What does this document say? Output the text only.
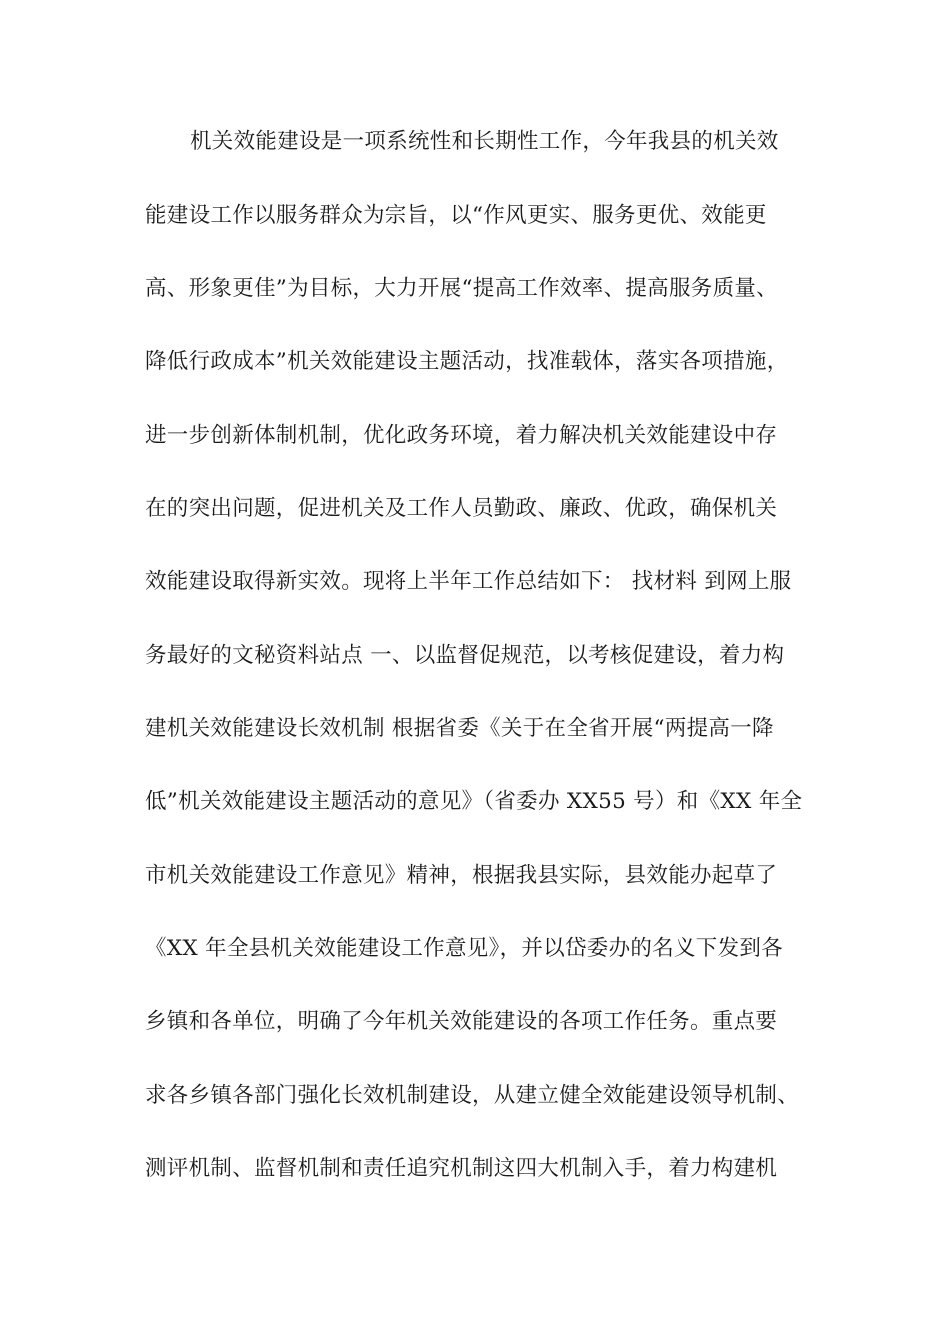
机关效能建设是一项系统性和长期性工作，今年我县的机关效
能建设工作以服务群众为宗旨，以“作风更实、服务更优、效能更
高、形象更佳”为目标，大力开展“提高工作效率、提高服务质量、
降低行政成本”机关效能建设主题活动，找准载体，落实各项措施，
进一步创新体制机制，优化政务环境，着力解决机关效能建设中存
在的突出问题，促进机关及工作人员勤政、廉政、优政，确保机关
效能建设取得新实效。现将上半年工作总结如下： 找材料 到网上服
务最好的文秘资料站点 一、以监督促规范，以考核促建设，着力构
建机关效能建设长效机制 根据省委《关于在全省开展“两提高一降
低”机关效能建设主题活动的意见》（省委办 XX55 号）和《XX 年全
市机关效能建设工作意见》精神，根据我县实际，县效能办起草了
《XX 年全县机关效能建设工作意见》，并以岱委办的名义下发到各
乡镇和各单位，明确了今年机关效能建设的各项工作任务。重点要
求各乡镇各部门强化长效机制建设，从建立健全效能建设领导机制、
测评机制、监督机制和责任追究机制这四大机制入手，着力构建机
